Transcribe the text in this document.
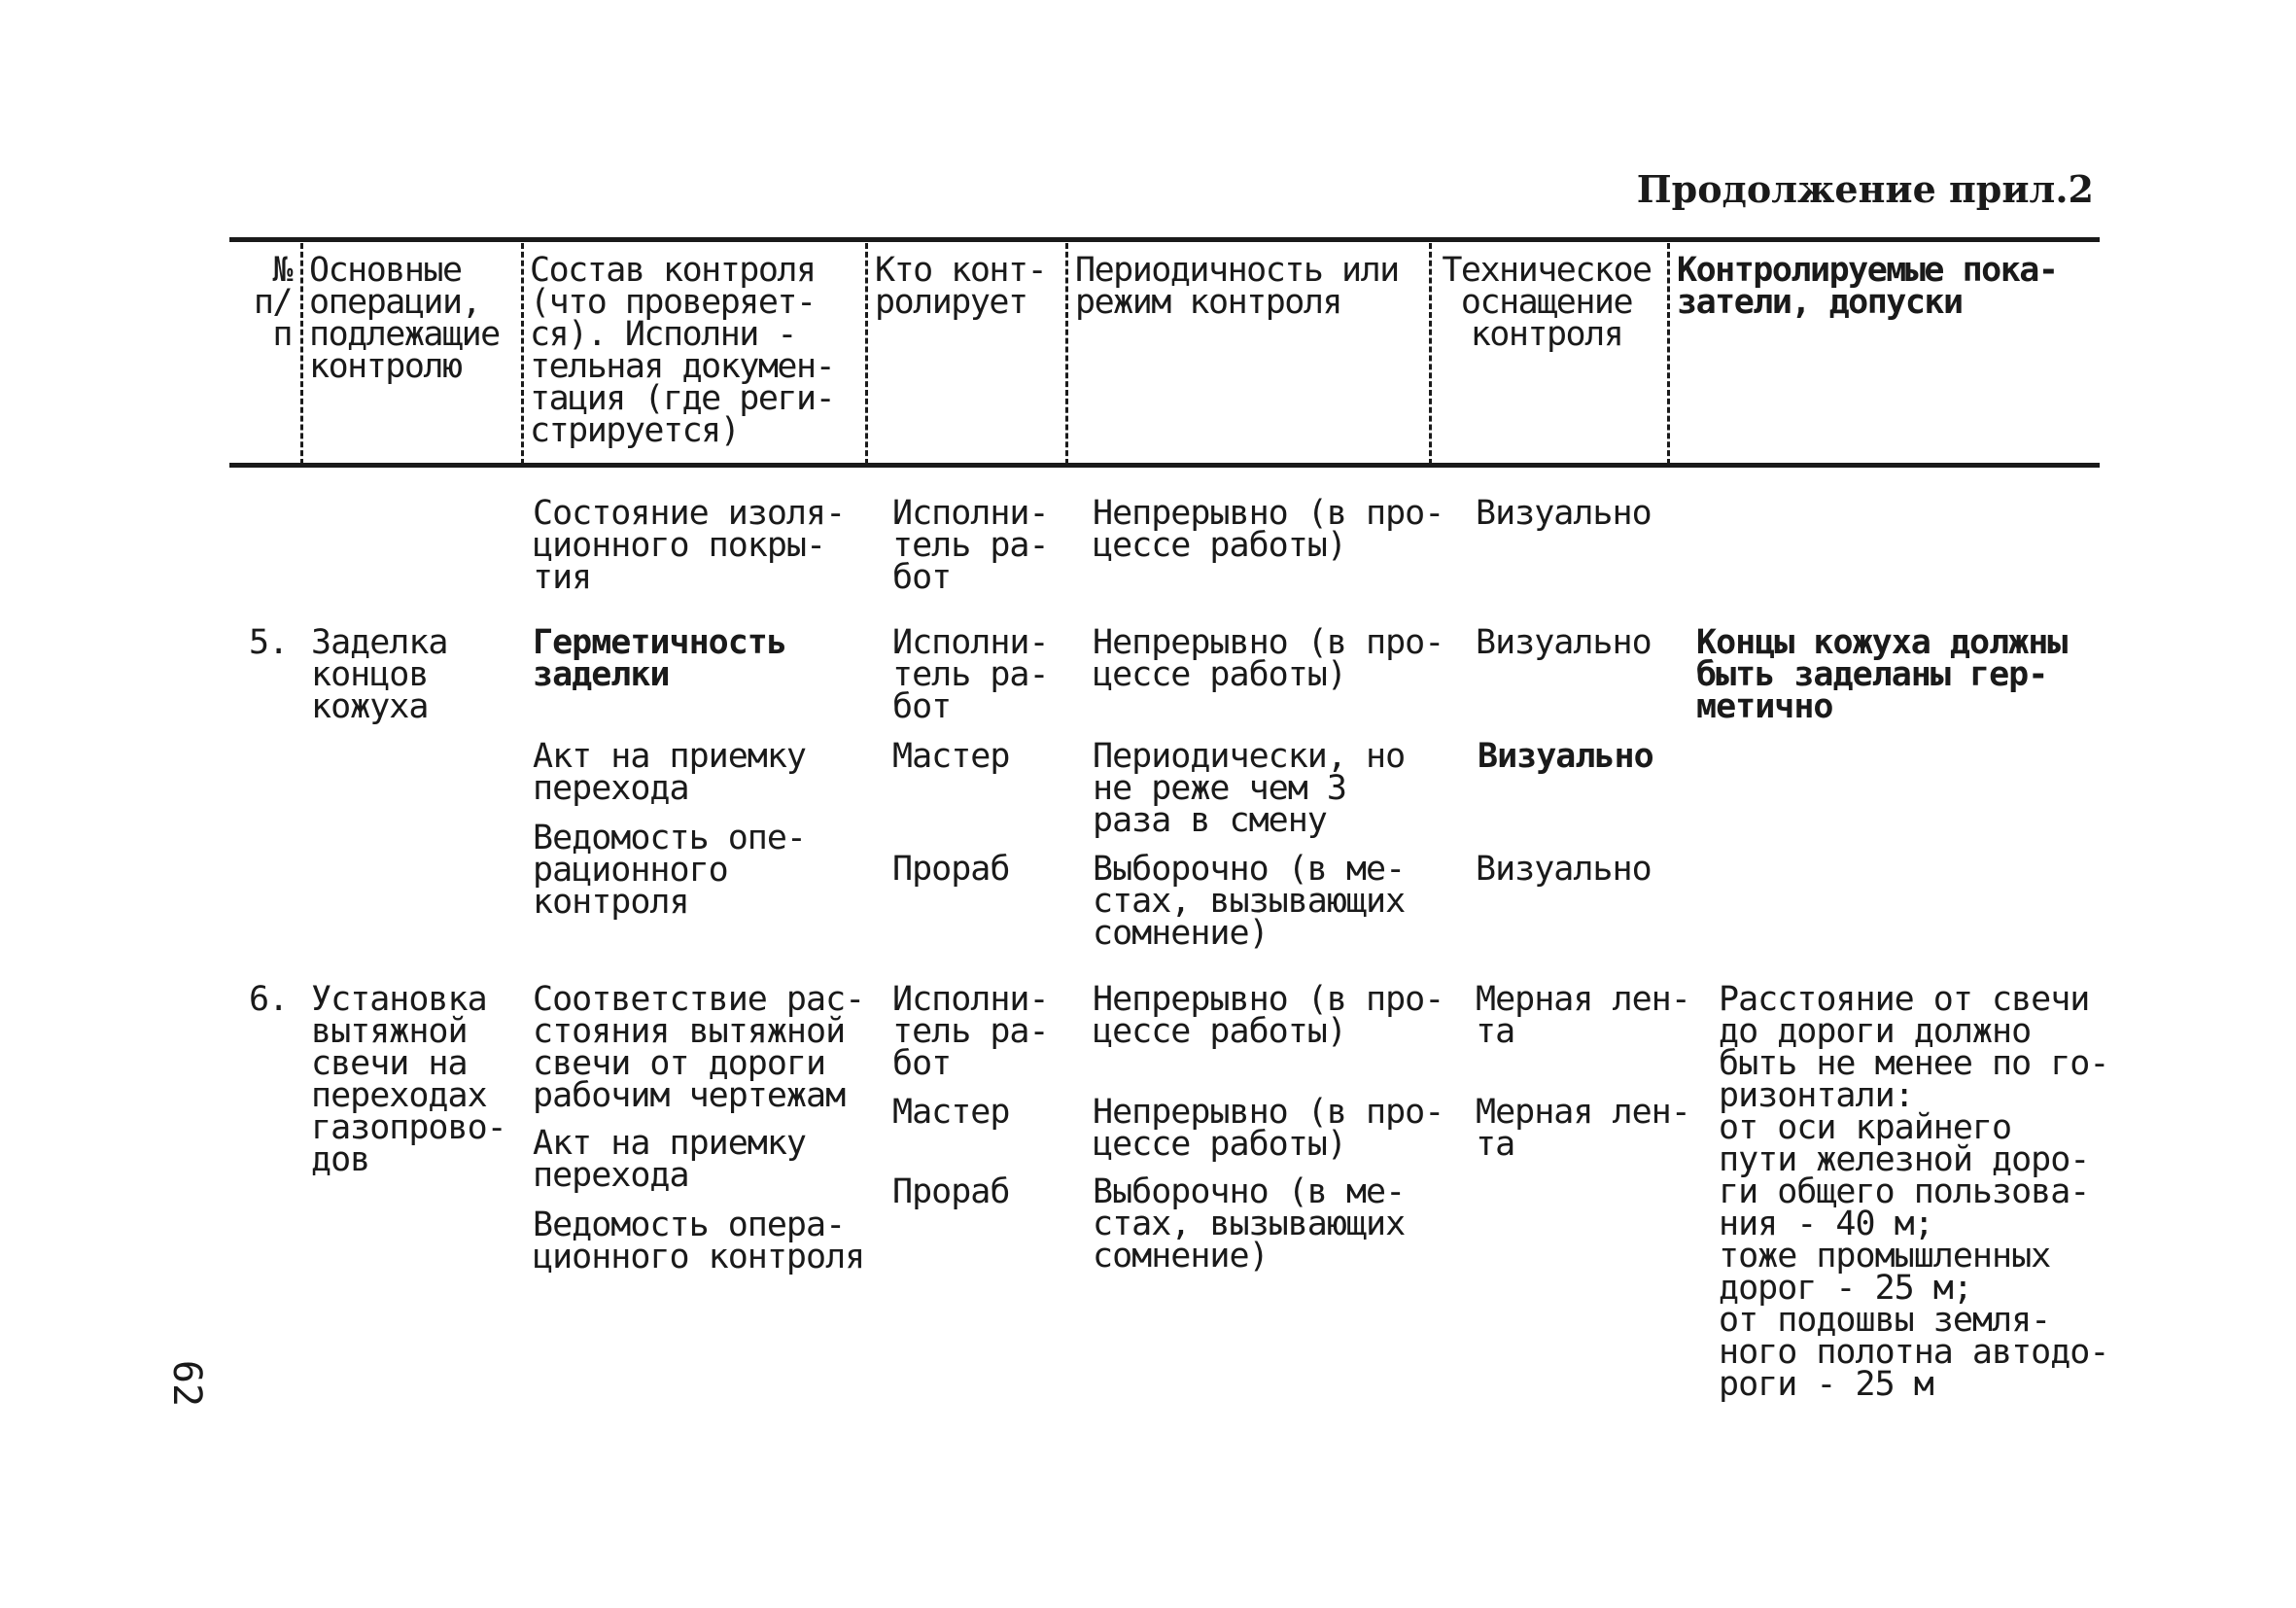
Продолжение прил.2
№
п/п
Основные
операции,
подлежащие
контролю
Состав контроля
(что проверяет-
ся). Исполни -
тельная докумен-
тация (где реги-
стрируется)
Кто конт-
ролирует
Периодичность или
режим контроля
Техническое
оснащение
контроля
Контролируемые пока-
затели, допуски
Состояние изоля-
ционного покры-
тия
Исполни-
тель ра-
бот
Непрерывно (в про-
цессе работы)
Визуально
5. Заделка
концов
кожуха
Герметичность
заделки
Исполни-
тель ра-
бот
Непрерывно (в про-
цессе работы)
Визуально Концы кожуха должны
быть заделаны гер-
метично
Акт на приемку
перехода
Мастер Периодически, но
не реже чем 3
раза в смену
Визуально
Ведомость опе-
рационного
контроля
Прораб Выборочно (в ме-
стах, вызывающих
сомнение)
Визуально
6. Установка
вытяжной
свечи на
переходах
газопрово-
дов
Соответствие рас-
стояния вытяжной
свечи от дороги
рабочим чертежам
Исполни-
тель ра-
бот
Непрерывно (в про-
цессе работы)
Мерная лен-
та
Расстояние от свечи
до дороги должно
быть не менее по го-
ризонтали:
от оси крайнего
пути железной доро-
ги общего пользова-
ния - 40 м;
тоже промышленных
дорог - 25 м;
от подошвы земля-
ного полотна автодо-
роги - 25 м
Акт на приемку
перехода
Мастер Непрерывно (в про-
цессе работы)
Мерная лен-
та
Ведомость опера-
ционного контроля
Прораб Выборочно (в ме-
стах, вызывающих
сомнение)
62
